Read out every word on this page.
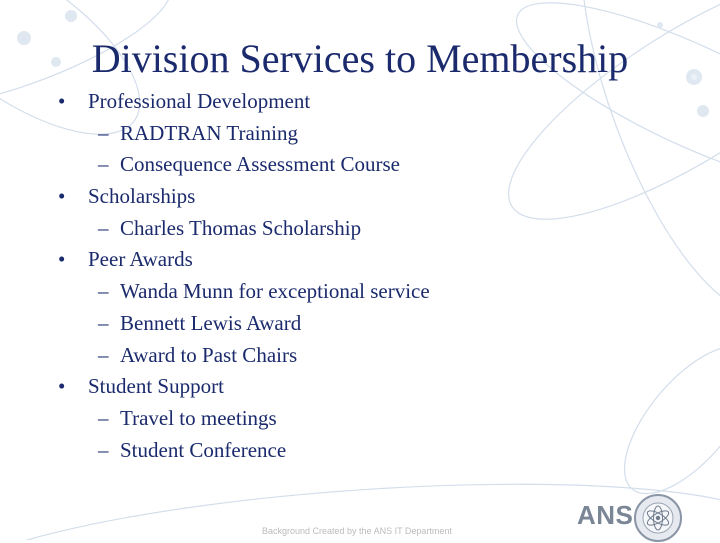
Division Services to Membership
• Professional Development
– RADTRAN Training
– Consequence Assessment Course
• Scholarships
– Charles Thomas Scholarship
• Peer Awards
– Wanda Munn for exceptional service
– Bennett Lewis Award
– Award to Past Chairs
• Student Support
– Travel to meetings
– Student Conference
Background Created by the ANS IT Department
ANS
